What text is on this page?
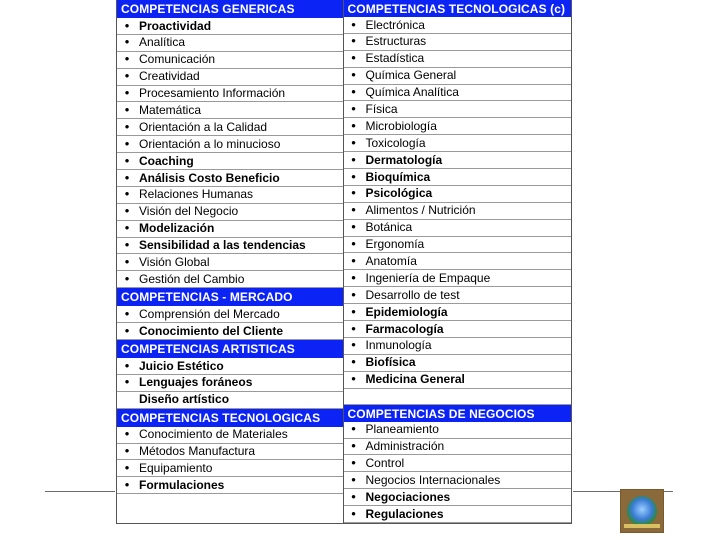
COMPETENCIAS GENERICAS
• Proactividad
• Analítica
• Comunicación
• Creatividad
• Procesamiento Información
• Matemática
• Orientación a la Calidad
• Orientación a lo minucioso
• Coaching
• Análisis Costo Beneficio
• Relaciones Humanas
• Visión del Negocio
• Modelización
• Sensibilidad a las tendencias
• Visión Global
• Gestión del Cambio
COMPETENCIAS - MERCADO
• Comprensión del Mercado
• Conocimiento del Cliente
COMPETENCIAS ARTISTICAS
• Juicio Estético
• Lenguajes foráneos
Diseño artístico
COMPETENCIAS TECNOLOGICAS
• Conocimiento de Materiales
• Métodos Manufactura
• Equipamiento
• Formulaciones
COMPETENCIAS TECNOLOGICAS (c)
• Electrónica
• Estructuras
• Estadística
• Química General
• Química Analítica
• Física
• Microbiología
• Toxicología
• Dermatología
• Bioquímica
• Psicológica
• Alimentos / Nutrición
• Botánica
• Ergonomía
• Anatomía
• Ingeniería de Empaque
• Desarrollo de test
• Epidemiología
• Farmacología
• Inmunología
• Biofísica
• Medicina General
COMPETENCIAS DE NEGOCIOS
• Planeamiento
• Administración
• Control
• Negocios Internacionales
• Negociaciones
• Regulaciones
